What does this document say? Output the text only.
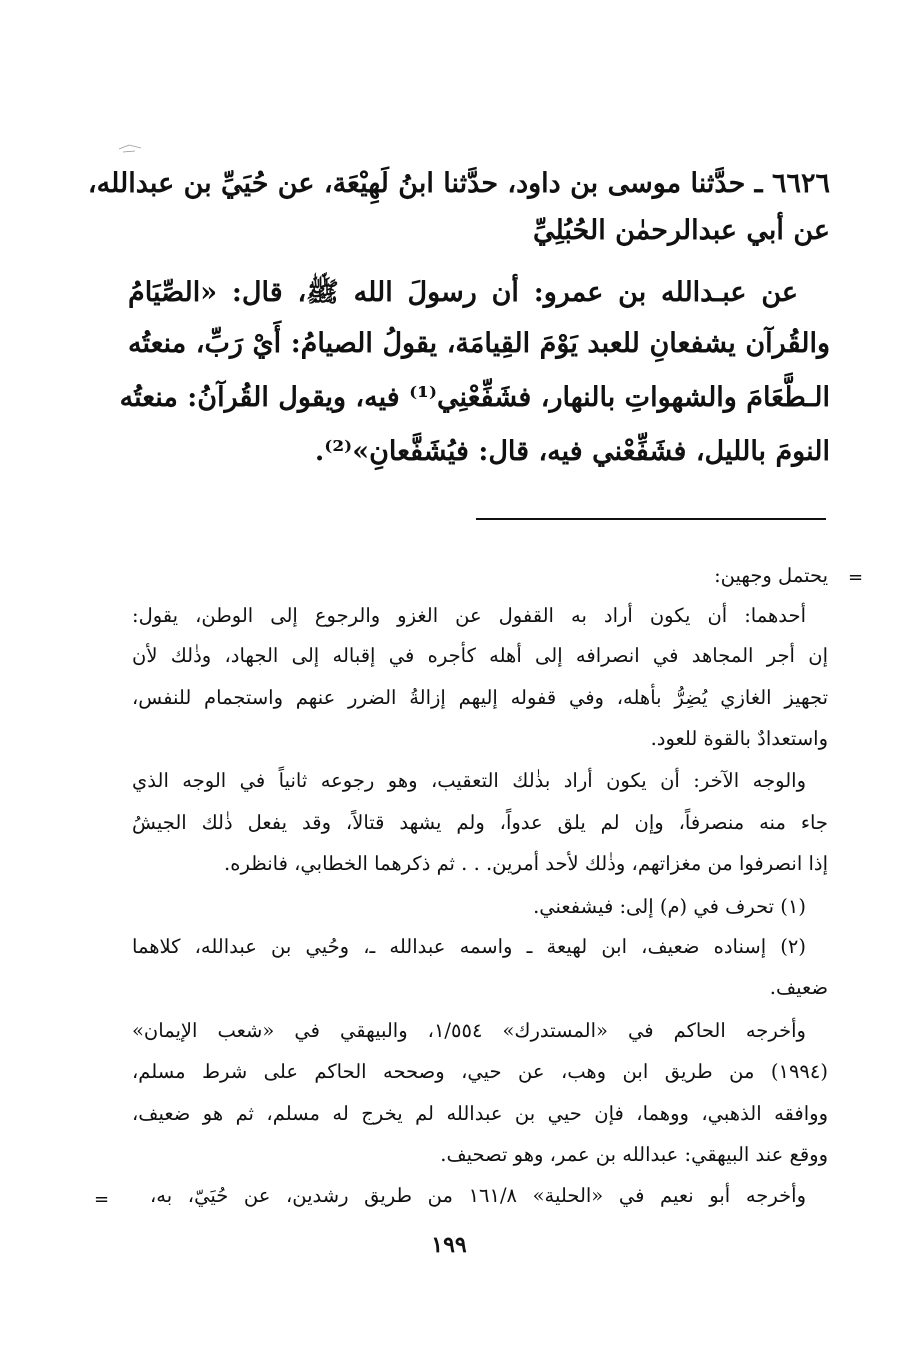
٦٦٢٦ ـ حدَّثنا موسى بن داود، حدَّثنا ابنُ لَهِيْعَة، عن حُيَيِّ بن عبدالله،
عن أبي عبدالرحمٰن الحُبُلِيِّ
عن عبـدالله بن عمرو: أن رسولَ الله ﷺ، قال: «الصِّيَامُ
والقُرآن يشفعانِ للعبد يَوْمَ القِيامَة، يقولُ الصيامُ: أَيْ رَبِّ، منعتُه
الـطَّعَامَ والشهواتِ بالنهار، فشَفِّعْنِي⁽¹⁾ فيه، ويقول القُرآنُ: منعتُه
النومَ بالليل، فشَفِّعْني فيه، قال: فيُشَفَّعانِ»⁽²⁾.
=
يحتمل وجهين:
أحدهما: أن يكون أراد به القفول عن الغزو والرجوع إلى الوطن، يقول:
إن أجر المجاهد في انصرافه إلى أهله كأجره في إقباله إلى الجهاد، وذٰلك لأن
تجهيز الغازي يُضِرُّ بأهله، وفي قفوله إليهم إزالةُ الضرر عنهم واستجمام للنفس،
واستعدادٌ بالقوة للعود.
والوجه الآخر: أن يكون أراد بذٰلك التعقيب، وهو رجوعه ثانياً في الوجه الذي
جاء منه منصرفاً، وإن لم يلق عدواً، ولم يشهد قتالاً، وقد يفعل ذٰلك الجيشُ
إذا انصرفوا من مغزاتهم، وذٰلك لأحد أمرين. . . ثم ذكرهما الخطابي، فانظره.
(١) تحرف في (م) إلى: فيشفعني.
(٢) إسناده ضعيف، ابن لهيعة ـ واسمه عبدالله ـ، وحُيي بن عبدالله، كلاهما
ضعيف.
وأخرجه الحاكم في «المستدرك» ١/٥٥٤، والبيهقي في «شعب الإيمان»
(١٩٩٤) من طريق ابن وهب، عن حيي، وصححه الحاكم على شرط مسلم،
ووافقه الذهبي، ووهما، فإن حيي بن عبدالله لم يخرج له مسلم، ثم هو ضعيف،
ووقع عند البيهقي: عبدالله بن عمر، وهو تصحيف.
وأخرجه أبو نعيم في «الحلية» ١٦١/٨ من طريق رشدين، عن حُيَيّ، به،
=
١٩٩
